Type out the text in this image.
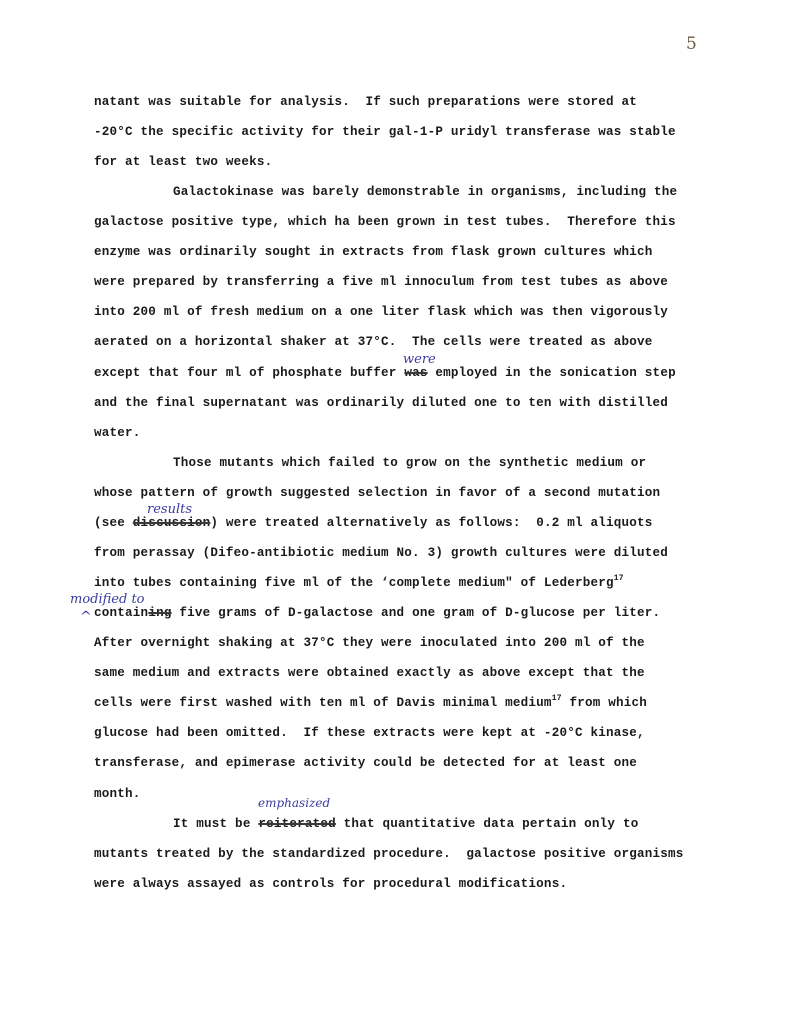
5
natant was suitable for analysis.  If such preparations were stored at
-20°C the specific activity for their gal-1-P uridyl transferase was stable
for at least two weeks.
Galactokinase was barely demonstrable in organisms, including the
galactose positive type, which ha been grown in test tubes.  Therefore this
enzyme was ordinarily sought in extracts from flask grown cultures which
were prepared by transferring a five ml innoculum from test tubes as above
into 200 ml of fresh medium on a one liter flask which was then vigorously
aerated on a horizontal shaker at 37°C.  The cells were treated as above
except that four ml of phosphate buffer was employed in the sonication step
and the final supernatant was ordinarily diluted one to ten with distilled
water.
Those mutants which failed to grow on the synthetic medium or
whose pattern of growth suggested selection in favor of a second mutation
(see discussion) were treated alternatively as follows:  0.2 ml aliquots
from perassay (Difeo-antibiotic medium No. 3) growth cultures were diluted
into tubes containing five ml of the ‘complete medium" of Lederberg$^{17}$
containing five grams of D-galactose and one gram of D-glucose per liter.
After overnight shaking at 37°C they were inoculated into 200 ml of the
same medium and extracts were obtained exactly as above except that the
cells were first washed with ten ml of Davis minimal medium$^{17}$ from which
glucose had been omitted.  If these extracts were kept at -20°C kinase,
transferase, and epimerase activity could be detected for at least one
month.
It must be reiterated that quantitative data pertain only to
mutants treated by the standardized procedure.  galactose positive organisms
were always assayed as controls for procedural modifications.
were
results
modified to
^
emphasized
